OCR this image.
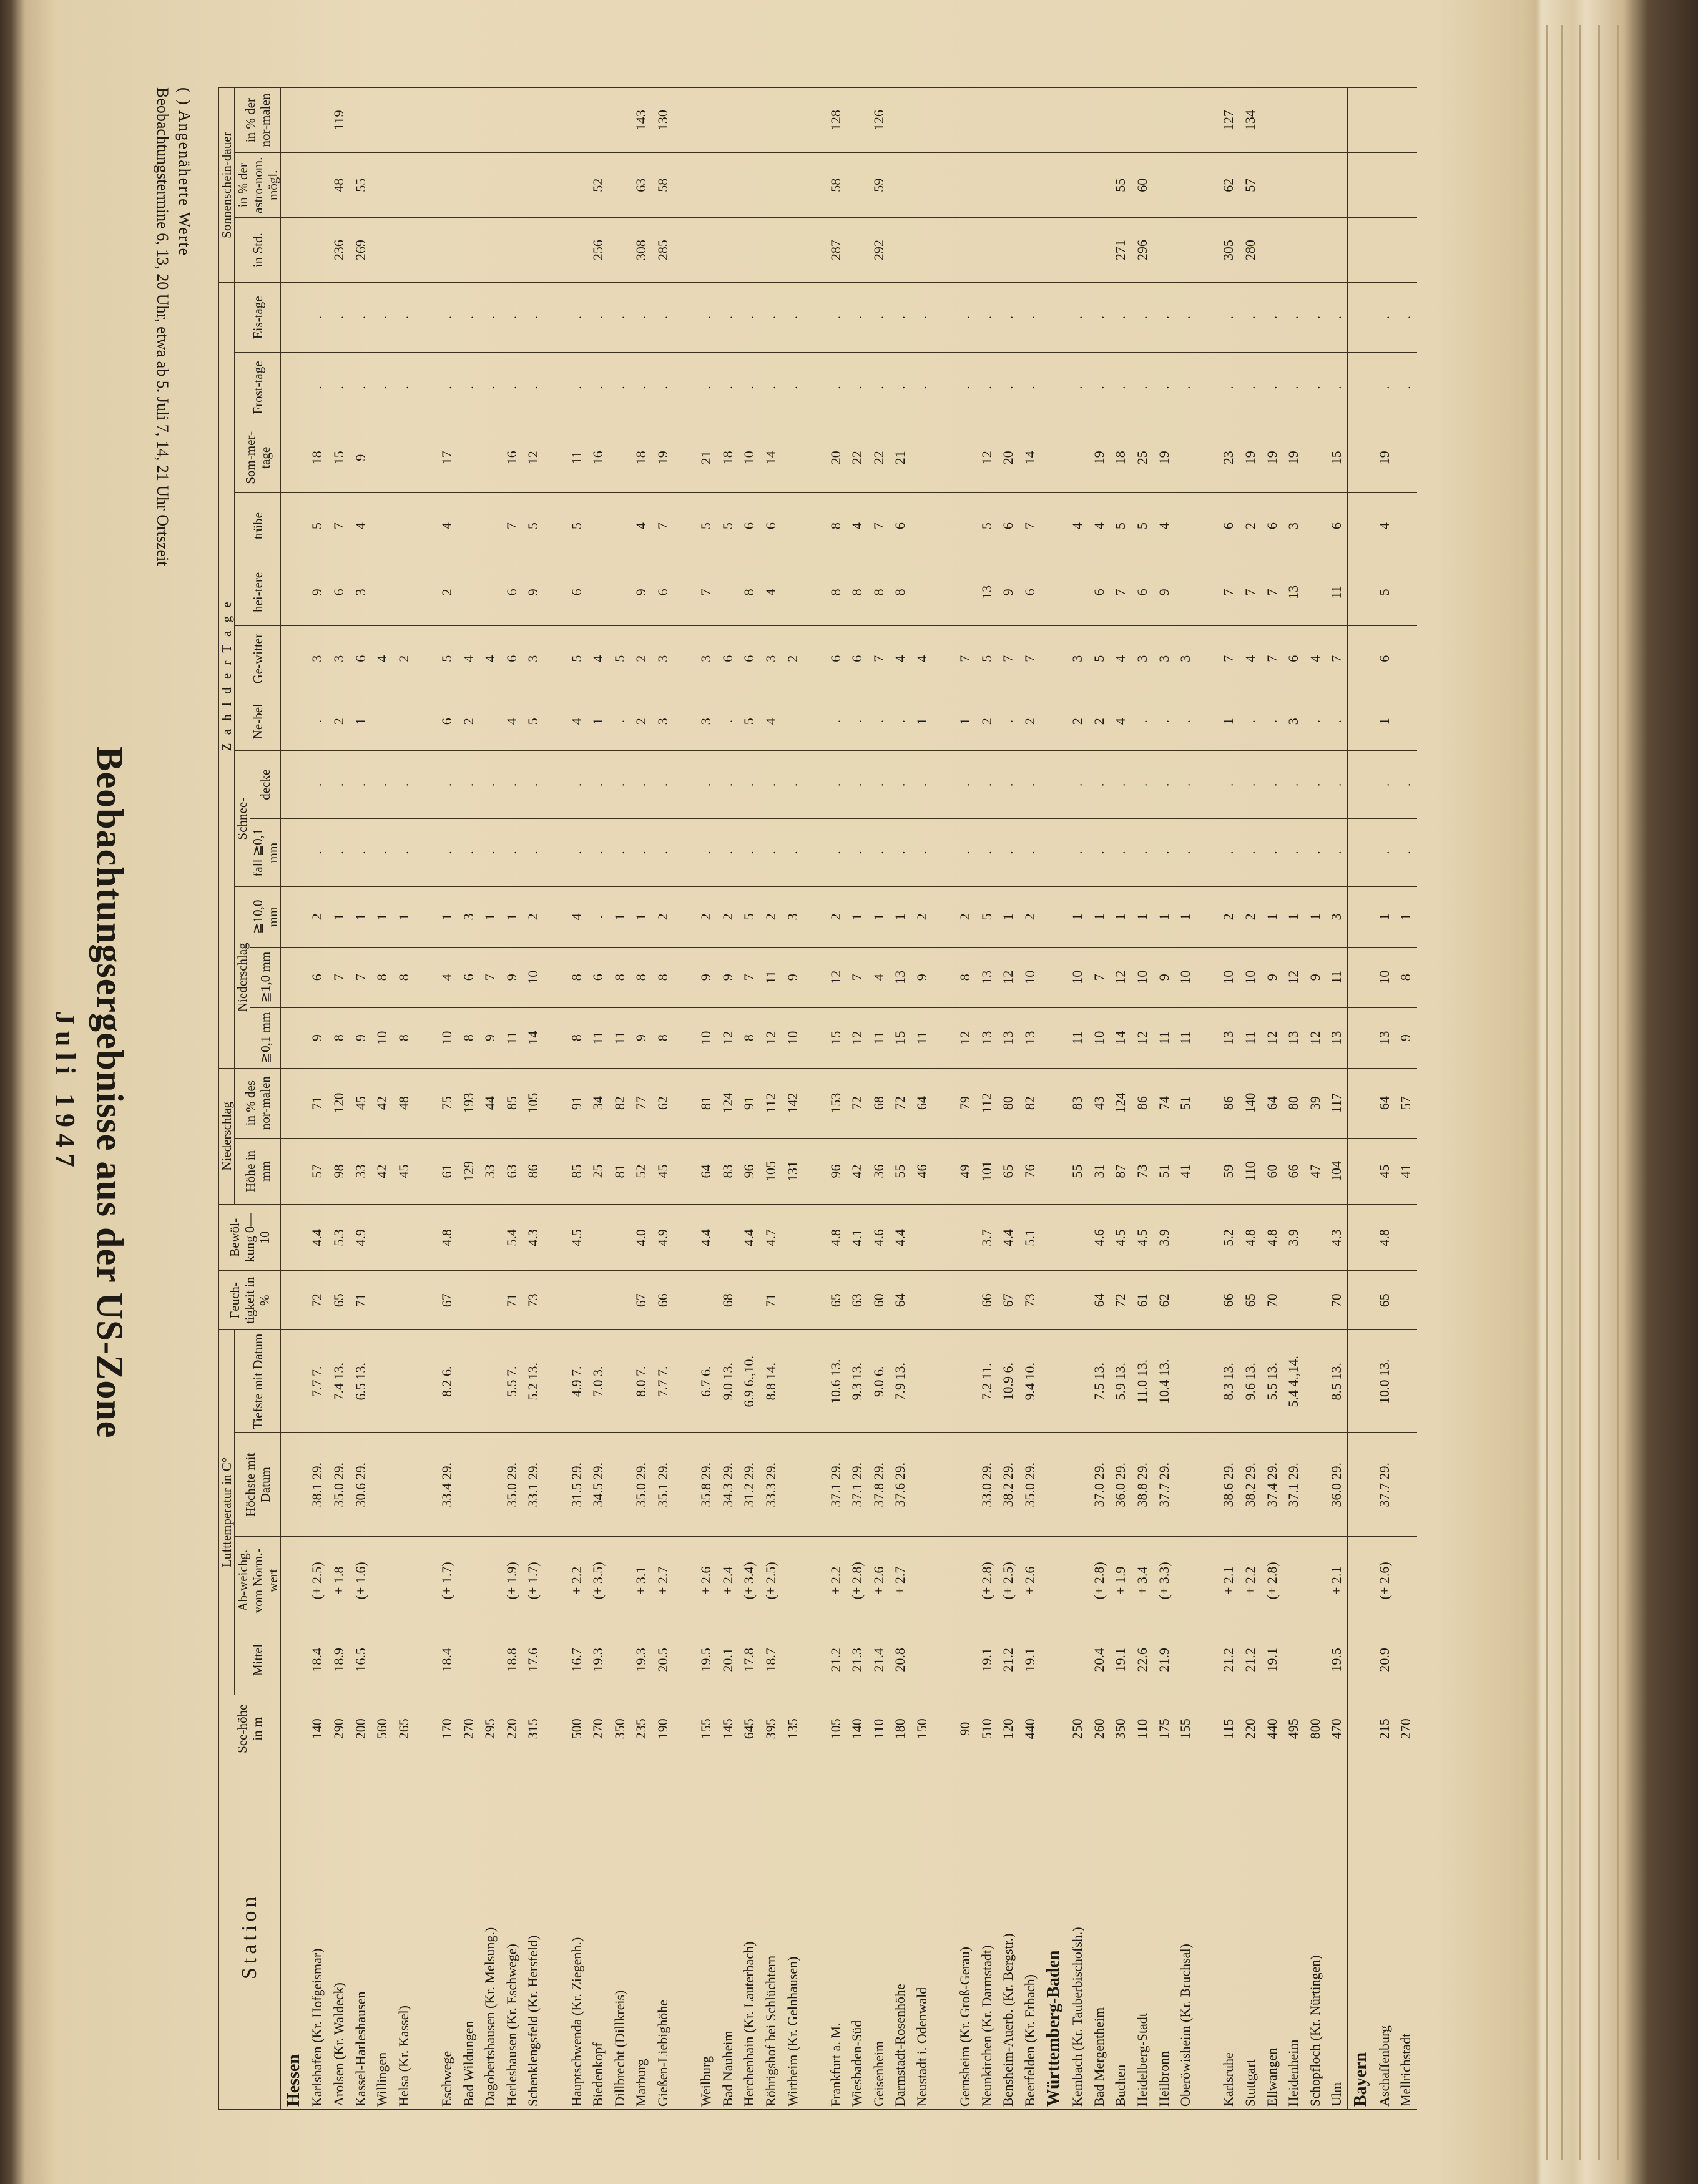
Beobachtungsergebnisse aus der US-Zone
Juli 1947
Station	See-höhe in m	Lufttemperatur in C°				Feuch-tigkeit in %	Bewöl-kung 0—10	Niederschlag		Z a h l d e r T a g e												Sonnenschein-dauer		
		Mittel	Ab-weichg. vom Norm.-wert	Höchste mit Datum	Tiefste mit Datum			Höhe in mm	in % des nor-malen	Niederschlag			Schnee-		Ne-bel	Ge-witter	hei-tere	trübe	Som-mer-tage	Frost-tage	Eis-tage	in Std.	in % der astro-nom. mögl.	in % der nor-malen
										≧0,1 mm	≧1,0 mm	≧10,0 mm	fall ≧0,1 mm	decke										
Hessen																								
Karlshafen (Kr. Hofgeismar)	140	18.4	(+ 2.5)	38.1 29.	7.7 7.	72	4.4	57	71	9	6	2	.	.	.	3	9	5	18	.	.			
Arolsen (Kr. Waldeck)	290	18.9	+ 1.8	35.0 29.	7.4 13.	65	5.3	98	120	8	7	1	.	.	2	3	6	7	15	.	.	236	48	119
Kassel-Harleshausen	200	16.5	(+ 1.6)	30.6 29.	6.5 13.	71	4.9	33	45	9	7	1	.	.	1	6	3	4	9	.	.	269	55	
Willingen	560							42	42	10	8	1	.	.		4				.	.			
Helsa (Kr. Kassel)	265							45	48	8	8	1	.	.		2				.	.			

Eschwege	170	18.4	(+ 1.7)	33.4 29.	8.2 6.	67	4.8	61	75	10	4	1	.	.	6	5	2	4	17	.	.			
Bad Wildungen	270							129	193	8	6	3	.	.	2	4				.	.			
Dagobertshausen (Kr. Melsung.)	295							33	44	9	7	1	.	.		4				.	.			
Herleshausen (Kr. Eschwege)	220	18.8	(+ 1.9)	35.0 29.	5.5 7.	71	5.4	63	85	11	9	1	.	.	4	6	6	7	16	.	.			
Schenklengsfeld (Kr. Hersfeld)	315	17.6	(+ 1.7)	33.1 29.	5.2 13.	73	4.3	86	105	14	10	2	.	.	5	3	9	5	12	.	.			

Hauptschwenda (Kr. Ziegenh.)	500	16.7	+ 2.2	31.5 29.	4.9 7.		4.5	85	91	8	8	4	.	.	4	5	6	5	11	.	.			
Biedenkopf	270	19.3	(+ 3.5)	34.5 29.	7.0 3.			25	34	11	6	.	.	.	1	4			16	.	.	256	52	
Dillbrecht (Dillkreis)	350							81	82	11	8	1	.	.	.	5				.	.			
Marburg	235	19.3	+ 3.1	35.0 29.	8.0 7.	67	4.0	52	77	9	8	1	.	.	2	2	9	4	18	.	.	308	63	143
Gießen-Liebighöhe	190	20.5	+ 2.7	35.1 29.	7.7 7.	66	4.9	45	62	8	8	2	.	.	3	3	6	7	19	.	.	285	58	130

Weilburg	155	19.5	+ 2.6	35.8 29.	6.7 6.		4.4	64	81	10	9	2	.	.	3	3	7	5	21	.	.			
Bad Nauheim	145	20.1	+ 2.4	34.3 29.	9.0 13.	68		83	124	12	9	2	.	.	.	6		5	18	.	.			
Herchenhain (Kr. Lauterbach)	645	17.8	(+ 3.4)	31.2 29.	6.9 6.,10.		4.4	96	91	8	7	5	.	.	5	6	8	6	10	.	.			
Röhrigshof bei Schlüchtern	395	18.7	(+ 2.5)	33.3 29.	8.8 14.	71	4.7	105	112	12	11	2	.	.	4	3	4	6	14	.	.			
Wirtheim (Kr. Gelnhausen)	135							131	142	10	9	3	.	.		2				.	.			

Frankfurt a. M.	105	21.2	+ 2.2	37.1 29.	10.6 13.	65	4.8	96	153	15	12	2	.	.	.	6	8	8	20	.	.	287	58	128
Wiesbaden-Süd	140	21.3	(+ 2.8)	37.1 29.	9.3 13.	63	4.1	42	72	12	7	1	.	.	.	6	8	4	22	.	.			
Geisenheim	110	21.4	+ 2.6	37.8 29.	9.0 6.	60	4.6	36	68	11	4	1	.	.	.	7	8	7	22	.	.	292	59	126
Darmstadt-Rosenhöhe	180	20.8	+ 2.7	37.6 29.	7.9 13.	64	4.4	55	72	15	13	1	.	.	.	4	8	6	21	.	.			
Neustadt i. Odenwald	150							46	64	11	9	2	.	.	1	4				.	.			

Gernsheim (Kr. Groß-Gerau)	90							49	79	12	8	2	.	.	1	7				.	.			
Neunkirchen (Kr. Darmstadt)	510	19.1	(+ 2.8)	33.0 29.	7.2 11.	66	3.7	101	112	13	13	5	.	.	2	5	13	5	12	.	.			
Bensheim-Auerb. (Kr. Bergstr.)	120	21.2	(+ 2.5)	38.2 29.	10.9 6.	67	4.4	65	80	13	12	1	.	.	.	7	9	6	20	.	.			
Beerfelden (Kr. Erbach)	440	19.1	+ 2.6	35.0 29.	9.4 10.	73	5.1	76	82	13	10	2	.	.	2	7	6	7	14	.	.			
Württemberg-Baden																								
Kembach (Kr. Tauberbischofsh.)	250							55	83	11	10	1	.	.	2	3		4		.	.			
Bad Mergentheim	260	20.4	(+ 2.8)	37.0 29.	7.5 13.	64	4.6	31	43	10	7	1	.	.	2	5	6	4	19	.	.			
Buchen	350	19.1	+ 1.9	36.0 29.	5.9 13.	72	4.5	87	124	14	12	1	.	.	4	4	7	5	18	.	.	271	55	
Heidelberg-Stadt	110	22.6	+ 3.4	38.8 29.	11.0 13.	61	4.5	73	86	12	10	1	.	.	.	3	6	5	25	.	.	296	60	
Heilbronn	175	21.9	(+ 3.3)	37.7 29.	10.4 13.	62	3.9	51	74	11	9	1	.	.	.	3	9	4	19	.	.			
Oberöwisheim (Kr. Bruchsal)	155							41	51	11	10	1	.	.	.	3				.	.			

Karlsruhe	115	21.2	+ 2.1	38.6 29.	8.3 13.	66	5.2	59	86	13	10	2	.	.	1	7	7	6	23	.	.	305	62	127
Stuttgart	220	21.2	+ 2.2	38.2 29.	9.6 13.	65	4.8	110	140	11	10	2	.	.	.	4	7	2	19	.	.	280	57	134
Ellwangen	440	19.1	(+ 2.8)	37.4 29.	5.5 13.	70	4.8	60	64	12	9	1	.	.	.	7	7	6	19	.	.			
Heidenheim	495			37.1 29.	5.4 4.,14.		3.9	66	80	13	12	1	.	.	3	6	13	3	19	.	.			
Schopfloch (Kr. Nürtingen)	800							47	39	12	9	1	.	.	.	4				.	.			
Ulm	470	19.5	+ 2.1	36.0 29.	8.5 13.	70	4.3	104	117	13	11	3	.	.	.	7	11	6	15	.	.			
Bayern																								
Aschaffenburg	215	20.9	(+ 2.6)	37.7 29.	10.0 13.	65	4.8	45	64	13	10	1	.	.	1	6	5	4	19	.	.			
Mellrichstadt	270							41	57	9	8	1	.	.						.	.			
( ) Angenäherte Werte
Beobachtungstermine 6, 13, 20 Uhr, etwa ab 5. Juli 7, 14, 21 Uhr Ortszeit
